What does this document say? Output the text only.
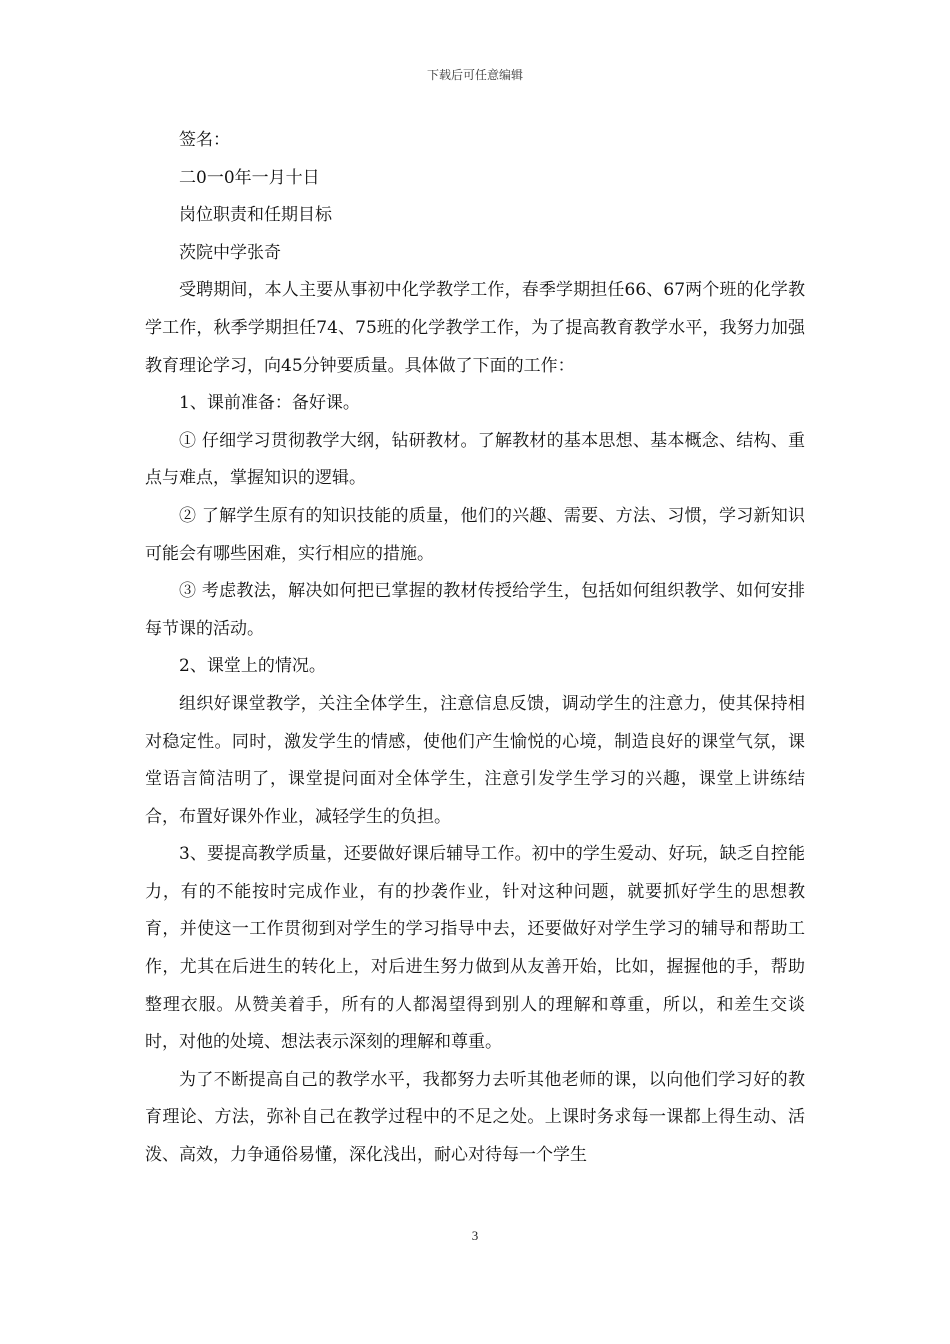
下载后可任意编辑

签名：

二0一0年一月十日

岗位职责和任期目标

茨院中学张奇

受聘期间，本人主要从事初中化学教学工作，春季学期担任66、67两个班的化学教学工作，秋季学期担任74、75班的化学教学工作，为了提高教育教学水平，我努力加强教育理论学习，向45分钟要质量。具体做了下面的工作：

1、课前准备：备好课。

① 仔细学习贯彻教学大纲，钻研教材。了解教材的基本思想、基本概念、结构、重点与难点，掌握知识的逻辑。

② 了解学生原有的知识技能的质量，他们的兴趣、需要、方法、习惯，学习新知识可能会有哪些困难，实行相应的措施。

③ 考虑教法，解决如何把已掌握的教材传授给学生，包括如何组织教学、如何安排每节课的活动。

2、课堂上的情况。

组织好课堂教学，关注全体学生，注意信息反馈，调动学生的注意力，使其保持相对稳定性。同时，激发学生的情感，使他们产生愉悦的心境，制造良好的课堂气氛，课堂语言简洁明了，课堂提问面对全体学生，注意引发学生学习的兴趣，课堂上讲练结合，布置好课外作业，减轻学生的负担。

3、要提高教学质量，还要做好课后辅导工作。初中的学生爱动、好玩，缺乏自控能力，有的不能按时完成作业，有的抄袭作业，针对这种问题，就要抓好学生的思想教育，并使这一工作贯彻到对学生的学习指导中去，还要做好对学生学习的辅导和帮助工作，尤其在后进生的转化上，对后进生努力做到从友善开始，比如，握握他的手，帮助整理衣服。从赞美着手，所有的人都渴望得到别人的理解和尊重，所以，和差生交谈时，对他的处境、想法表示深刻的理解和尊重。

为了不断提高自己的教学水平，我都努力去听其他老师的课，以向他们学习好的教育理论、方法，弥补自己在教学过程中的不足之处。上课时务求每一课都上得生动、活泼、高效，力争通俗易懂，深化浅出，耐心对待每一个学生

3
